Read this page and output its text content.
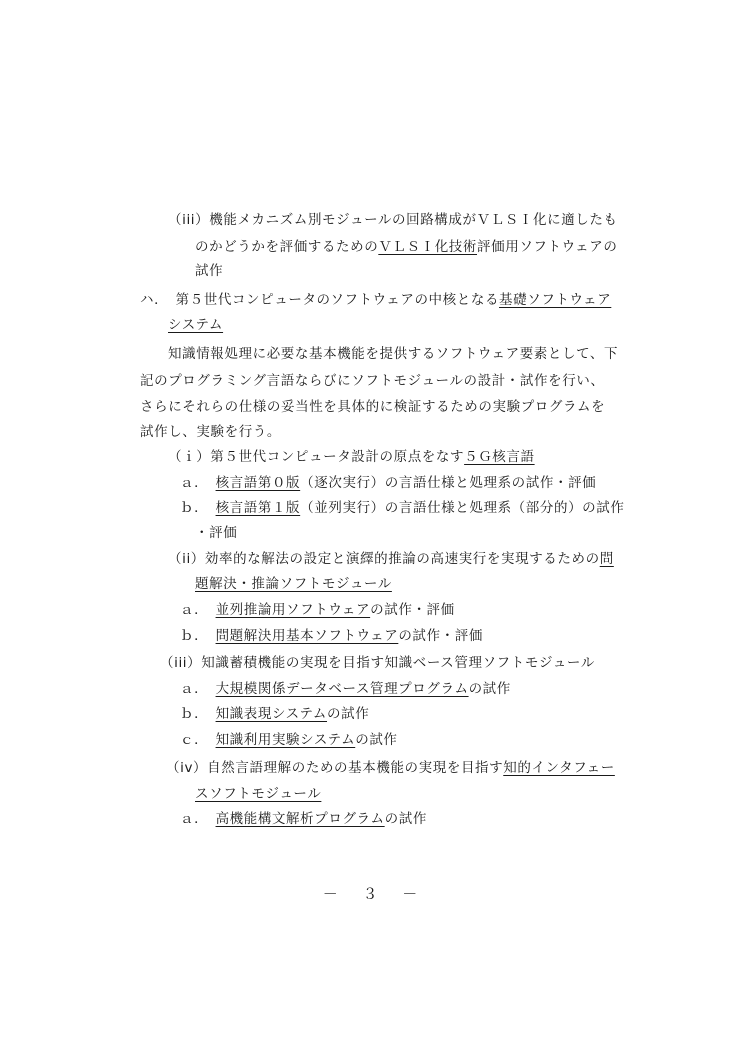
（iii）機能メカニズム別モジュールの回路構成がＶＬＳＩ化に適したも
のかどうかを評価するためのＶＬＳＩ化技術評価用ソフトウェアの
試作
ハ．　第５世代コンピュータのソフトウェアの中核となる基礎ソフトウェア
システム
知識情報処理に必要な基本機能を提供するソフトウェア要素として、下
記のプログラミング言語ならびにソフトモジュールの設計・試作を行い、
さらにそれらの仕様の妥当性を具体的に検証するための実験プログラムを
試作し、実験を行う。
（ｉ）第５世代コンピュータ設計の原点をなす５Ｇ核言語
ａ．　核言語第０版（逐次実行）の言語仕様と処理系の試作・評価
ｂ．　核言語第１版（並列実行）の言語仕様と処理系（部分的）の試作
・評価
（ii）効率的な解法の設定と演繹的推論の高速実行を実現するための問
題解決・推論ソフトモジュール
ａ．　並列推論用ソフトウェアの試作・評価
ｂ．　問題解決用基本ソフトウェアの試作・評価
（iii）知識蓄積機能の実現を目指す知識ベース管理ソフトモジュール
ａ．　大規模関係データベース管理プログラムの試作
ｂ．　知識表現システムの試作
ｃ．　知識利用実験システムの試作
（iv）自然言語理解のための基本機能の実現を目指す知的インタフェー
スソフトモジュール
ａ．　高機能構文解析プログラムの試作
－ ３ －
